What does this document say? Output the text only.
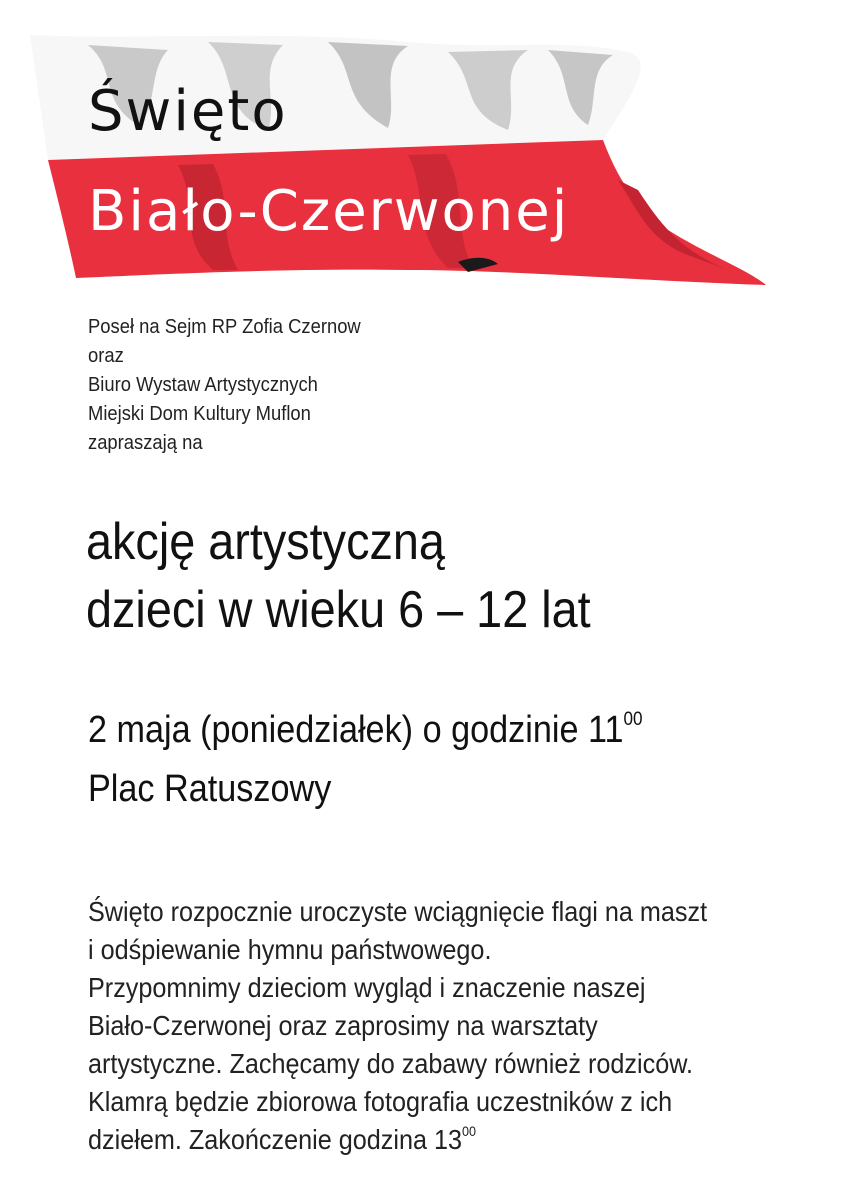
Święto
Biało-Czerwonej
Poseł na Sejm RP Zofia Czernow
oraz
Biuro Wystaw Artystycznych
Miejski Dom Kultury Muflon
zapraszają na
akcję artystyczną
dzieci w wieku 6 – 12 lat
2 maja (poniedziałek) o godzinie $11^{00}$
Plac Ratuszowy
Święto rozpocznie uroczyste wciągnięcie flagi na maszt
i odśpiewanie hymnu państwowego.
Przypomnimy dzieciom wygląd i znaczenie naszej
Biało-Czerwonej oraz zaprosimy na warsztaty
artystyczne. Zachęcamy do zabawy również rodziców.
Klamrą będzie zbiorowa fotografia uczestników z ich
dziełem. Zakończenie godzina $13^{00}$
